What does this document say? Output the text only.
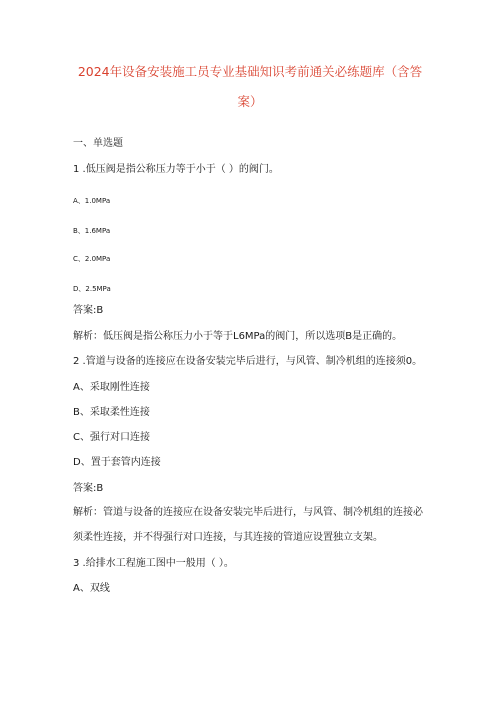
2024年设备安装施工员专业基础知识考前通关必练题库（含答
案）
一、单选题
1 .低压阀是指公称压力等于小于（ ）的阀门。
A、1.0MPa
B、1.6MPa
C、2.0MPa
D、2.5MPa
答案:B
解析：低压阀是指公称压力小于等于L6MPa的阀门，所以选项B是正确的。
2 .管道与设备的连接应在设备安装完毕后进行，与风管、制冷机组的连接须0。
A、采取刚性连接
B、采取柔性连接
C、强行对口连接
D、置于套管内连接
答案:B
解析：管道与设备的连接应在设备安装完毕后进行，与风管、制冷机组的连接必
须柔性连接，并不得强行对口连接，与其连接的管道应设置独立支架。
3 .给排水工程施工图中一般用（ ）。
A、双线
